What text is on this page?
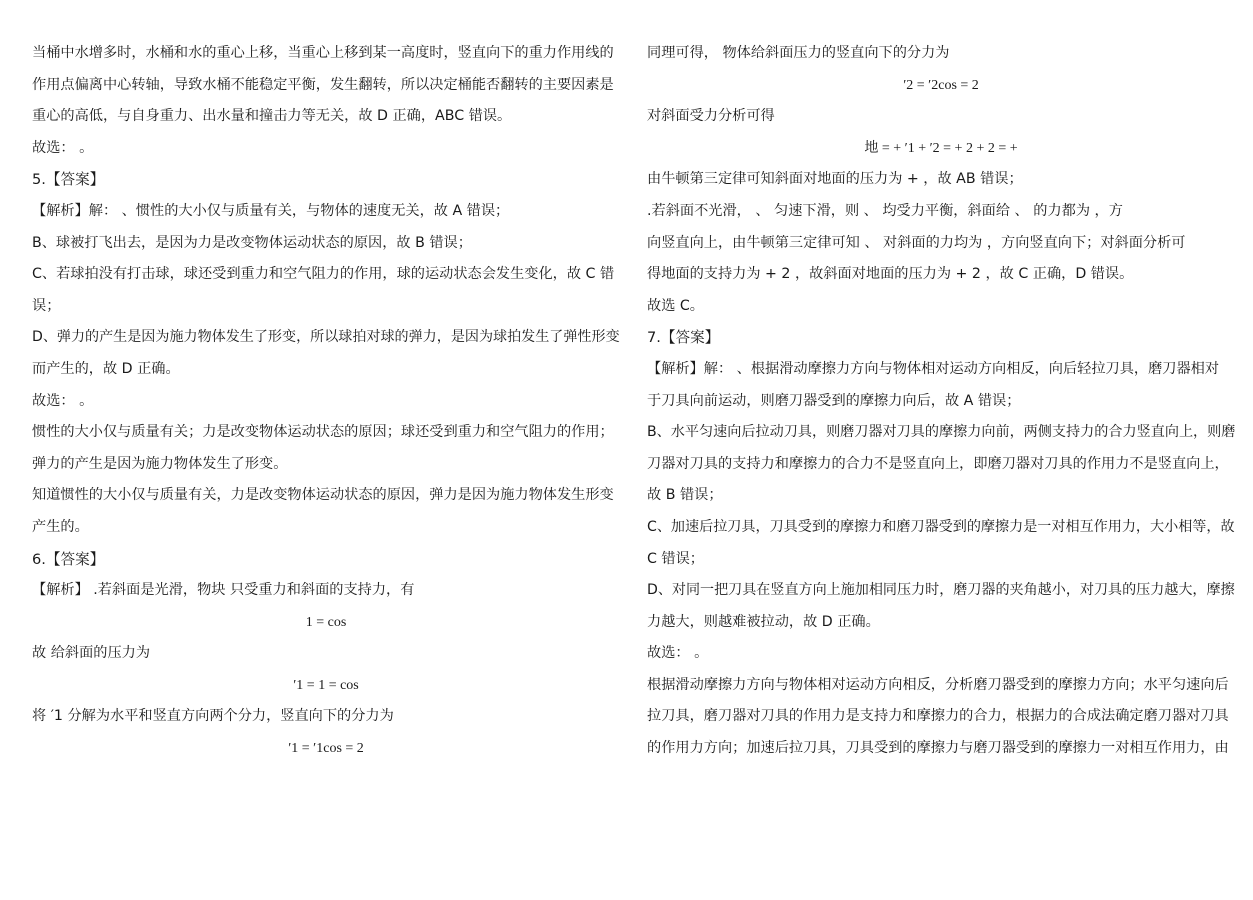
当桶中水增多时，水桶和水的重心上移，当重心上移到某一高度时，竖直向下的重力作用线的
作用点偏离中心转轴，导致水桶不能稳定平衡，发生翻转，所以决定桶能否翻转的主要因素是
重心的高低，与自身重力、出水量和撞击力等无关，故 D 正确，ABC 错误。
故选： 。
5.【答案】
【解析】解： 、惯性的大小仅与质量有关，与物体的速度无关，故 A 错误；
B、球被打飞出去，是因为力是改变物体运动状态的原因，故 B 错误；
C、若球拍没有打击球，球还受到重力和空气阻力的作用，球的运动状态会发生变化，故 C 错
误；
D、弹力的产生是因为施力物体发生了形变，所以球拍对球的弹力，是因为球拍发生了弹性形变
而产生的，故 D 正确。
故选： 。
惯性的大小仅与质量有关；力是改变物体运动状态的原因；球还受到重力和空气阻力的作用；
弹力的产生是因为施力物体发生了形变。
知道惯性的大小仅与质量有关，力是改变物体运动状态的原因，弹力是因为施力物体发生形变
产生的。
6.【答案】
【解析】 .若斜面是光滑，物块 只受重力和斜面的支持力，有
1 = cos
故 给斜面的压力为
′1 = 1 = cos
将 ′1 分解为水平和竖直方向两个分力，竖直向下的分力为
′1 = ′1cos = 2
同理可得， 物体给斜面压力的竖直向下的分力为
′2 = ′2cos = 2
对斜面受力分析可得
地 = + ′1 + ′2 = + 2 + 2 = +
由牛顿第三定律可知斜面对地面的压力为 + ，故 AB 错误；
.若斜面不光滑， 、 匀速下滑，则 、 均受力平衡，斜面给 、 的力都为 ，方
向竖直向上，由牛顿第三定律可知 、 对斜面的力均为 ，方向竖直向下；对斜面分析可
得地面的支持力为 + 2 ，故斜面对地面的压力为 + 2 ，故 C 正确，D 错误。
故选 C。
7.【答案】
【解析】解： 、根据滑动摩擦力方向与物体相对运动方向相反，向后轻拉刀具，磨刀器相对
于刀具向前运动，则磨刀器受到的摩擦力向后，故 A 错误；
B、水平匀速向后拉动刀具，则磨刀器对刀具的摩擦力向前，两侧支持力的合力竖直向上，则磨
刀器对刀具的支持力和摩擦力的合力不是竖直向上，即磨刀器对刀具的作用力不是竖直向上，
故 B 错误；
C、加速后拉刀具，刀具受到的摩擦力和磨刀器受到的摩擦力是一对相互作用力，大小相等，故
C 错误；
D、对同一把刀具在竖直方向上施加相同压力时，磨刀器的夹角越小，对刀具的压力越大，摩擦
力越大，则越难被拉动，故 D 正确。
故选： 。
根据滑动摩擦力方向与物体相对运动方向相反，分析磨刀器受到的摩擦力方向；水平匀速向后
拉刀具，磨刀器对刀具的作用力是支持力和摩擦力的合力，根据力的合成法确定磨刀器对刀具
的作用力方向；加速后拉刀具，刀具受到的摩擦力与磨刀器受到的摩擦力一对相互作用力，由
